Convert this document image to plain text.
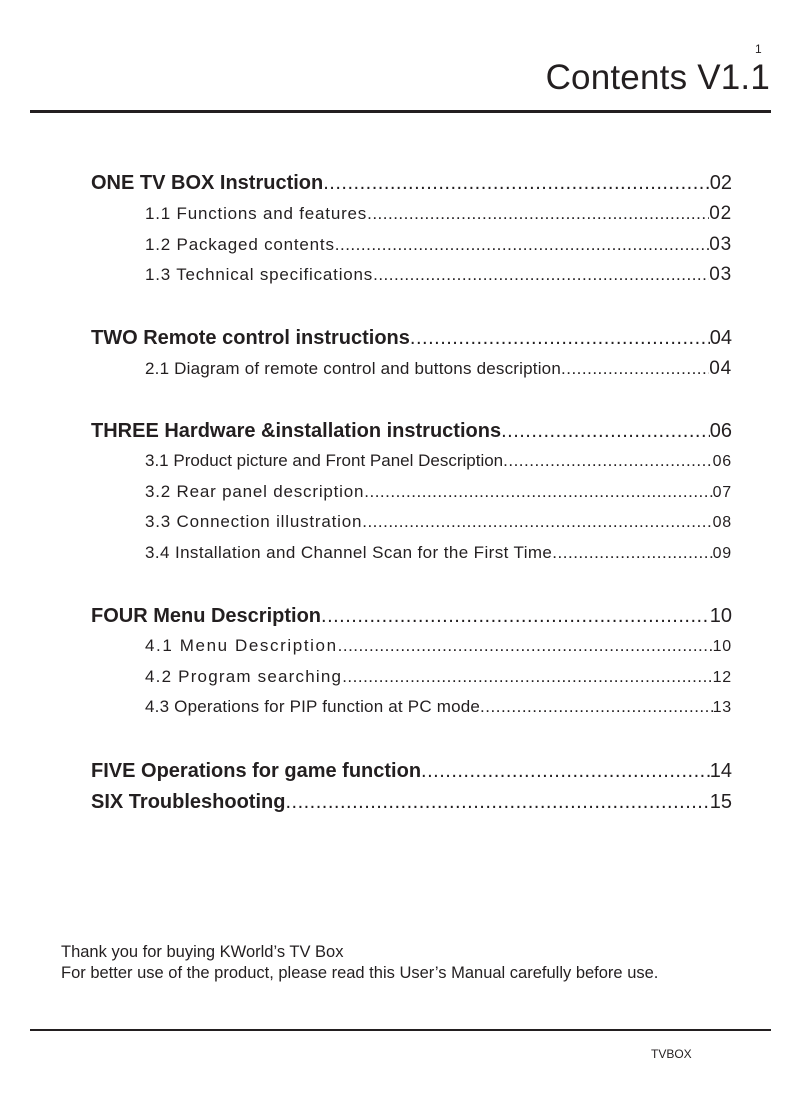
1
Contents V1.1
ONE TV BOX Instruction .....	02
1.1 Functions and features .....	02
1.2 Packaged contents .....	03
1.3 Technical specifications .....	03
TWO Remote control instructions .....	04
2.1 Diagram of remote control and buttons description .....	04
THREE Hardware &installation instructions .....	06
3.1 Product picture and Front Panel Description .....	06
3.2 Rear panel description .....	07
3.3 Connection illustration .....	08
3.4 Installation and Channel Scan for the First Time .....	09
FOUR Menu Description .....	10
4.1 Menu Description .....	10
4.2 Program searching .....	12
4.3 Operations for PIP function at PC mode .....	13
FIVE Operations for game function .....	14
SIX Troubleshooting .....	15
Thank you for buying KWorld’s TV Box
For better use of the product, please read this User’s Manual carefully before use.
TVBOX
